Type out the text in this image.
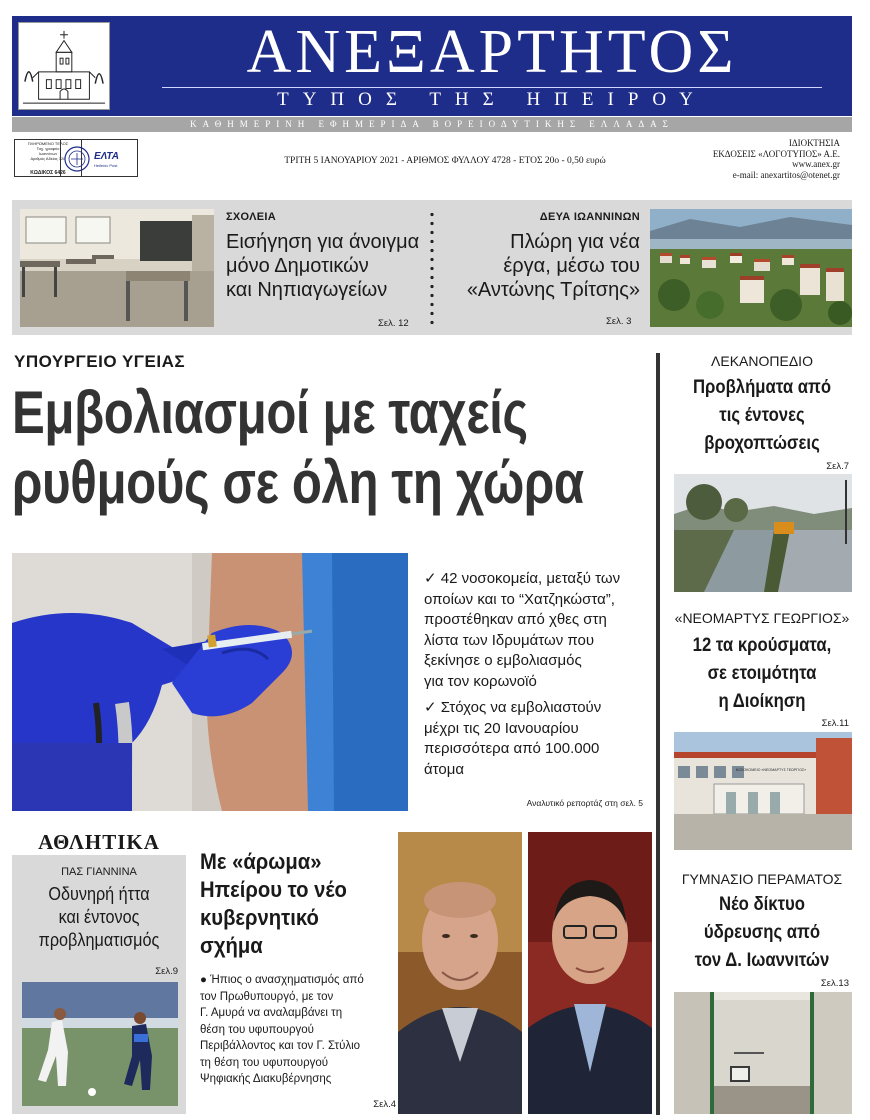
ΑΝΕΞΑΡΤΗΤΟΣ
ΤΥΠΟΣ ΤΗΣ ΗΠΕΙΡΟΥ
ΚΑΘΗΜΕΡΙΝΗ ΕΦΗΜΕΡΙΔΑ ΒΟΡΕΙΟΔΥΤΙΚΗΣ ΕΛΛΑΔΑΣ
ΠΛΗΡΩΜΕΝΟ ΤΕΛΟΣ
Ταχ. γραφείο
Ιωαννίνων
Αριθμός Αδείας 128
ΚΩΔΙΚΟΣ 6426
ΕΛΤΑ
Hellenic Post	ΤΡΙΤΗ 5 ΙΑΝΟΥΑΡΙΟΥ 2021 - ΑΡΙΘΜΟΣ ΦΥΛΛΟΥ 4728 - ΕΤΟΣ 20ο - 0,50 ευρώ
ΙΔΙΟΚΤΗΣΙΑ
ΕΚΔΟΣΕΙΣ «ΛΟΓΟΤΥΠΟΣ» Α.Ε.
www.anex.gr
e-mail: anexartitos@otenet.gr
ΣΧΟΛΕΙΑ
Εισήγηση για άνοιγμα
μόνο Δημοτικών
και Νηπιαγωγείων
Σελ. 12
ΔΕΥΑ ΙΩΑΝΝΙΝΩΝ
Πλώρη για νέα
έργα, μέσω του
«Αντώνης Τρίτσης»
Σελ. 3
ΥΠΟΥΡΓΕΙΟ ΥΓΕΙΑΣ
Εμβολιασμοί με ταχείς
ρυθμούς σε όλη τη χώρα
✓ 42 νοσοκομεία, μεταξύ των
οποίων και το “Χατζηκώστα”,
προστέθηκαν από χθες στη
λίστα των Ιδρυμάτων που
ξεκίνησε ο εμβολιασμός
για τον κορωνοϊό
✓ Στόχος να εμβολιαστούν
μέχρι τις 20 Ιανουαρίου
περισσότερα από 100.000
άτομα
Αναλυτικό ρεπορτάζ στη σελ. 5
ΛΕΚΑΝΟΠΕΔΙΟ
Προβλήματα από
τις έντονες
βροχοπτώσεις
Σελ.7
«ΝΕΟΜΑΡΤΥΣ ΓΕΩΡΓΙΟΣ»
12 τα κρούσματα,
σε ετοιμότητα
η Διοίκηση
Σελ.11
ΝΟΣΟΚΟΜΕΙΟ «ΝΕΟΜΑΡΤΥΣ ΓΕΩΡΓΙΟΣ»
ΓΥΜΝΑΣΙΟ ΠΕΡΑΜΑΤΟΣ
Νέο δίκτυο
ύδρευσης από
τον Δ. Ιωαννιτών
Σελ.13
ΑΘΛΗΤΙΚΑ
ΠΑΣ ΓΙΑΝΝΙΝΑ
Οδυνηρή ήττα
και έντονος
προβληματισμός
Σελ.9
Με «άρωμα»
Ηπείρου το νέο
κυβερνητικό
σχήμα
● Ήπιος ο ανασχηματισμός από
τον Πρωθυπουργό, με τον
Γ. Αμυρά να αναλαμβάνει τη
θέση του υφυπουργού
Περιβάλλοντος και τον Γ. Στύλιο
τη θέση του υφυπουργού
Ψηφιακής Διακυβέρνησης
Σελ.4
